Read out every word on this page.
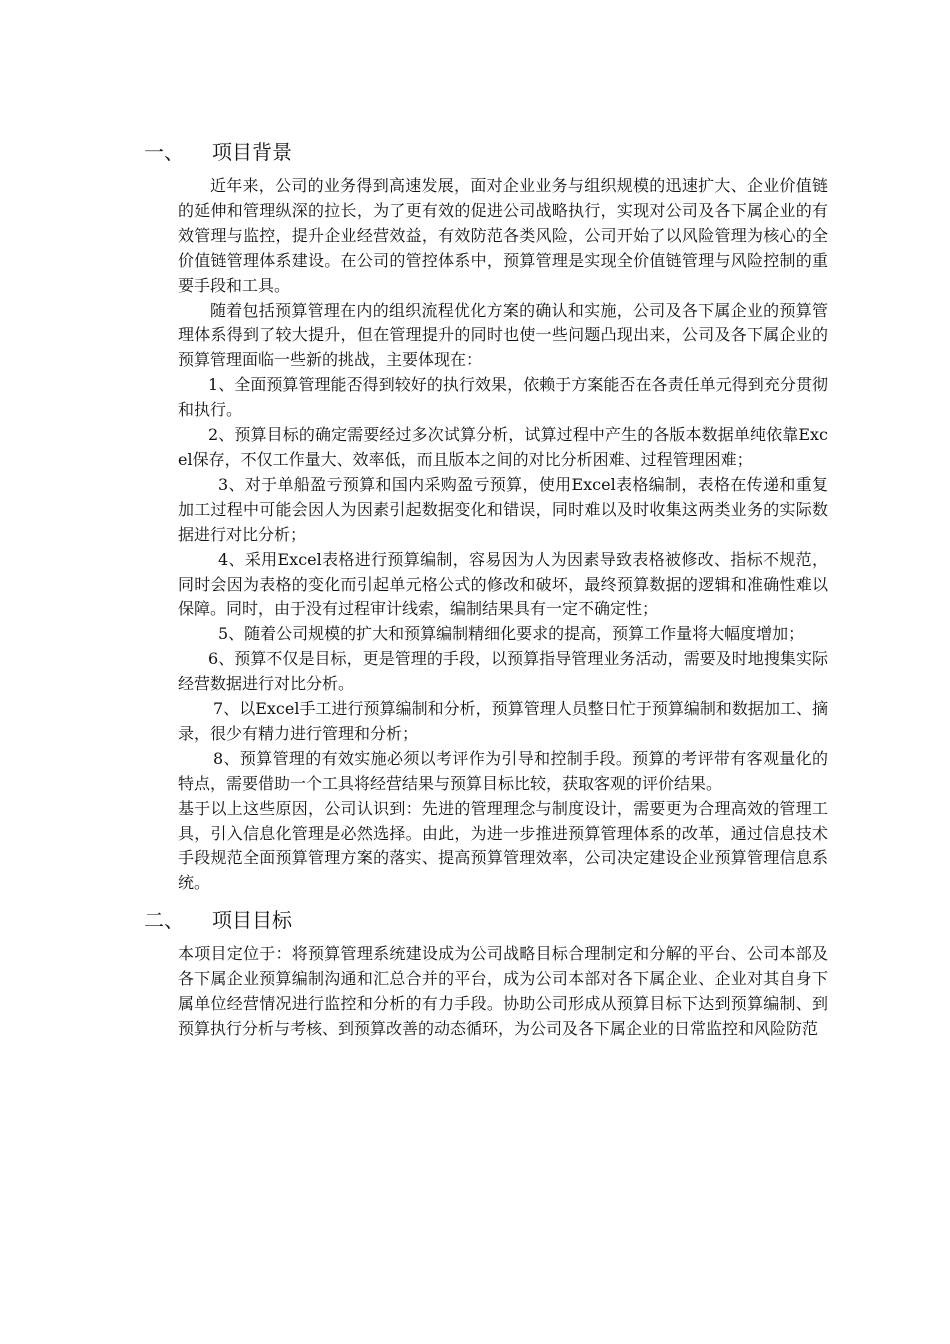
一、	项目背景

近年来，公司的业务得到高速发展，面对企业业务与组织规模的迅速扩大、企业价值链的延伸和管理纵深的拉长，为了更有效的促进公司战略执行，实现对公司及各下属企业的有效管理与监控，提升企业经营效益，有效防范各类风险，公司开始了以风险管理为核心的全价值链管理体系建设。在公司的管控体系中，预算管理是实现全价值链管理与风险控制的重要手段和工具。

随着包括预算管理在内的组织流程优化方案的确认和实施，公司及各下属企业的预算管理体系得到了较大提升，但在管理提升的同时也使一些问题凸现出来，公司及各下属企业的预算管理面临一些新的挑战，主要体现在：

1、全面预算管理能否得到较好的执行效果，依赖于方案能否在各责任单元得到充分贯彻和执行。

2、预算目标的确定需要经过多次试算分析，试算过程中产生的各版本数据单纯依靠Excel保存，不仅工作量大、效率低，而且版本之间的对比分析困难、过程管理困难；

3、对于单船盈亏预算和国内采购盈亏预算，使用Excel表格编制，表格在传递和重复加工过程中可能会因人为因素引起数据变化和错误，同时难以及时收集这两类业务的实际数据进行对比分析；

4、采用Excel表格进行预算编制，容易因为人为因素导致表格被修改、指标不规范，同时会因为表格的变化而引起单元格公式的修改和破坏，最终预算数据的逻辑和准确性难以保障。同时，由于没有过程审计线索，编制结果具有一定不确定性；

5、随着公司规模的扩大和预算编制精细化要求的提高，预算工作量将大幅度增加；

6、预算不仅是目标，更是管理的手段，以预算指导管理业务活动，需要及时地搜集实际经营数据进行对比分析。

7、以Excel手工进行预算编制和分析，预算管理人员整日忙于预算编制和数据加工、摘录，很少有精力进行管理和分析；

8、预算管理的有效实施必须以考评作为引导和控制手段。预算的考评带有客观量化的特点，需要借助一个工具将经营结果与预算目标比较，获取客观的评价结果。

基于以上这些原因，公司认识到：先进的管理理念与制度设计，需要更为合理高效的管理工具，引入信息化管理是必然选择。由此，为进一步推进预算管理体系的改革，通过信息技术手段规范全面预算管理方案的落实、提高预算管理效率，公司决定建设企业预算管理信息系统。

二、	项目目标

本项目定位于：将预算管理系统建设成为公司战略目标合理制定和分解的平台、公司本部及各下属企业预算编制沟通和汇总合并的平台，成为公司本部对各下属企业、企业对其自身下属单位经营情况进行监控和分析的有力手段。协助公司形成从预算目标下达到预算编制、到预算执行分析与考核、到预算改善的动态循环，为公司及各下属企业的日常监控和风险防范
